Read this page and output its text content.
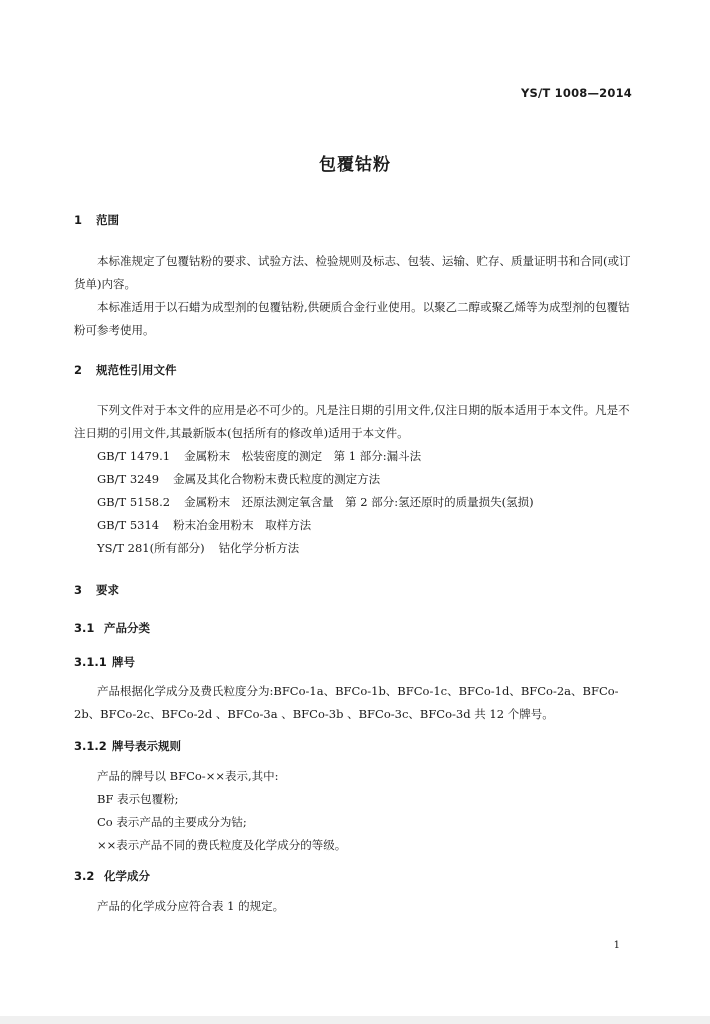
YS/T 1008—2014
包覆钴粉
1 范围

本标准规定了包覆钴粉的要求、试验方法、检验规则及标志、包装、运输、贮存、质量证明书和合同(或订货单)内容。

本标准适用于以石蜡为成型剂的包覆钴粉,供硬质合金行业使用。以聚乙二醇或聚乙烯等为成型剂的包覆钴粉可参考使用。

2 规范性引用文件

下列文件对于本文件的应用是必不可少的。凡是注日期的引用文件,仅注日期的版本适用于本文件。凡是不注日期的引用文件,其最新版本(包括所有的修改单)适用于本文件。

GB/T 1479.1 金属粉末　松装密度的测定　第 1 部分:漏斗法
GB/T 3249 金属及其化合物粉末费氏粒度的测定方法
GB/T 5158.2 金属粉末　还原法测定氧含量　第 2 部分:氢还原时的质量损失(氢损)
GB/T 5314 粉末冶金用粉末　取样方法
YS/T 281(所有部分) 钴化学分析方法
3 要求
3.1 产品分类
3.1.1 牌号

产品根据化学成分及费氏粒度分为:BFCo-1a、BFCo-1b、BFCo-1c、BFCo-1d、BFCo-2a、BFCo-2b、BFCo-2c、BFCo-2d 、BFCo-3a 、BFCo-3b 、BFCo-3c、BFCo-3d 共 12 个牌号。

3.1.2 牌号表示规则
产品的牌号以 BFCo-××表示,其中:
BF 表示包覆粉;
Co 表示产品的主要成分为钴;
××表示产品不同的费氏粒度及化学成分的等级。
3.2 化学成分
产品的化学成分应符合表 1 的规定。
1
